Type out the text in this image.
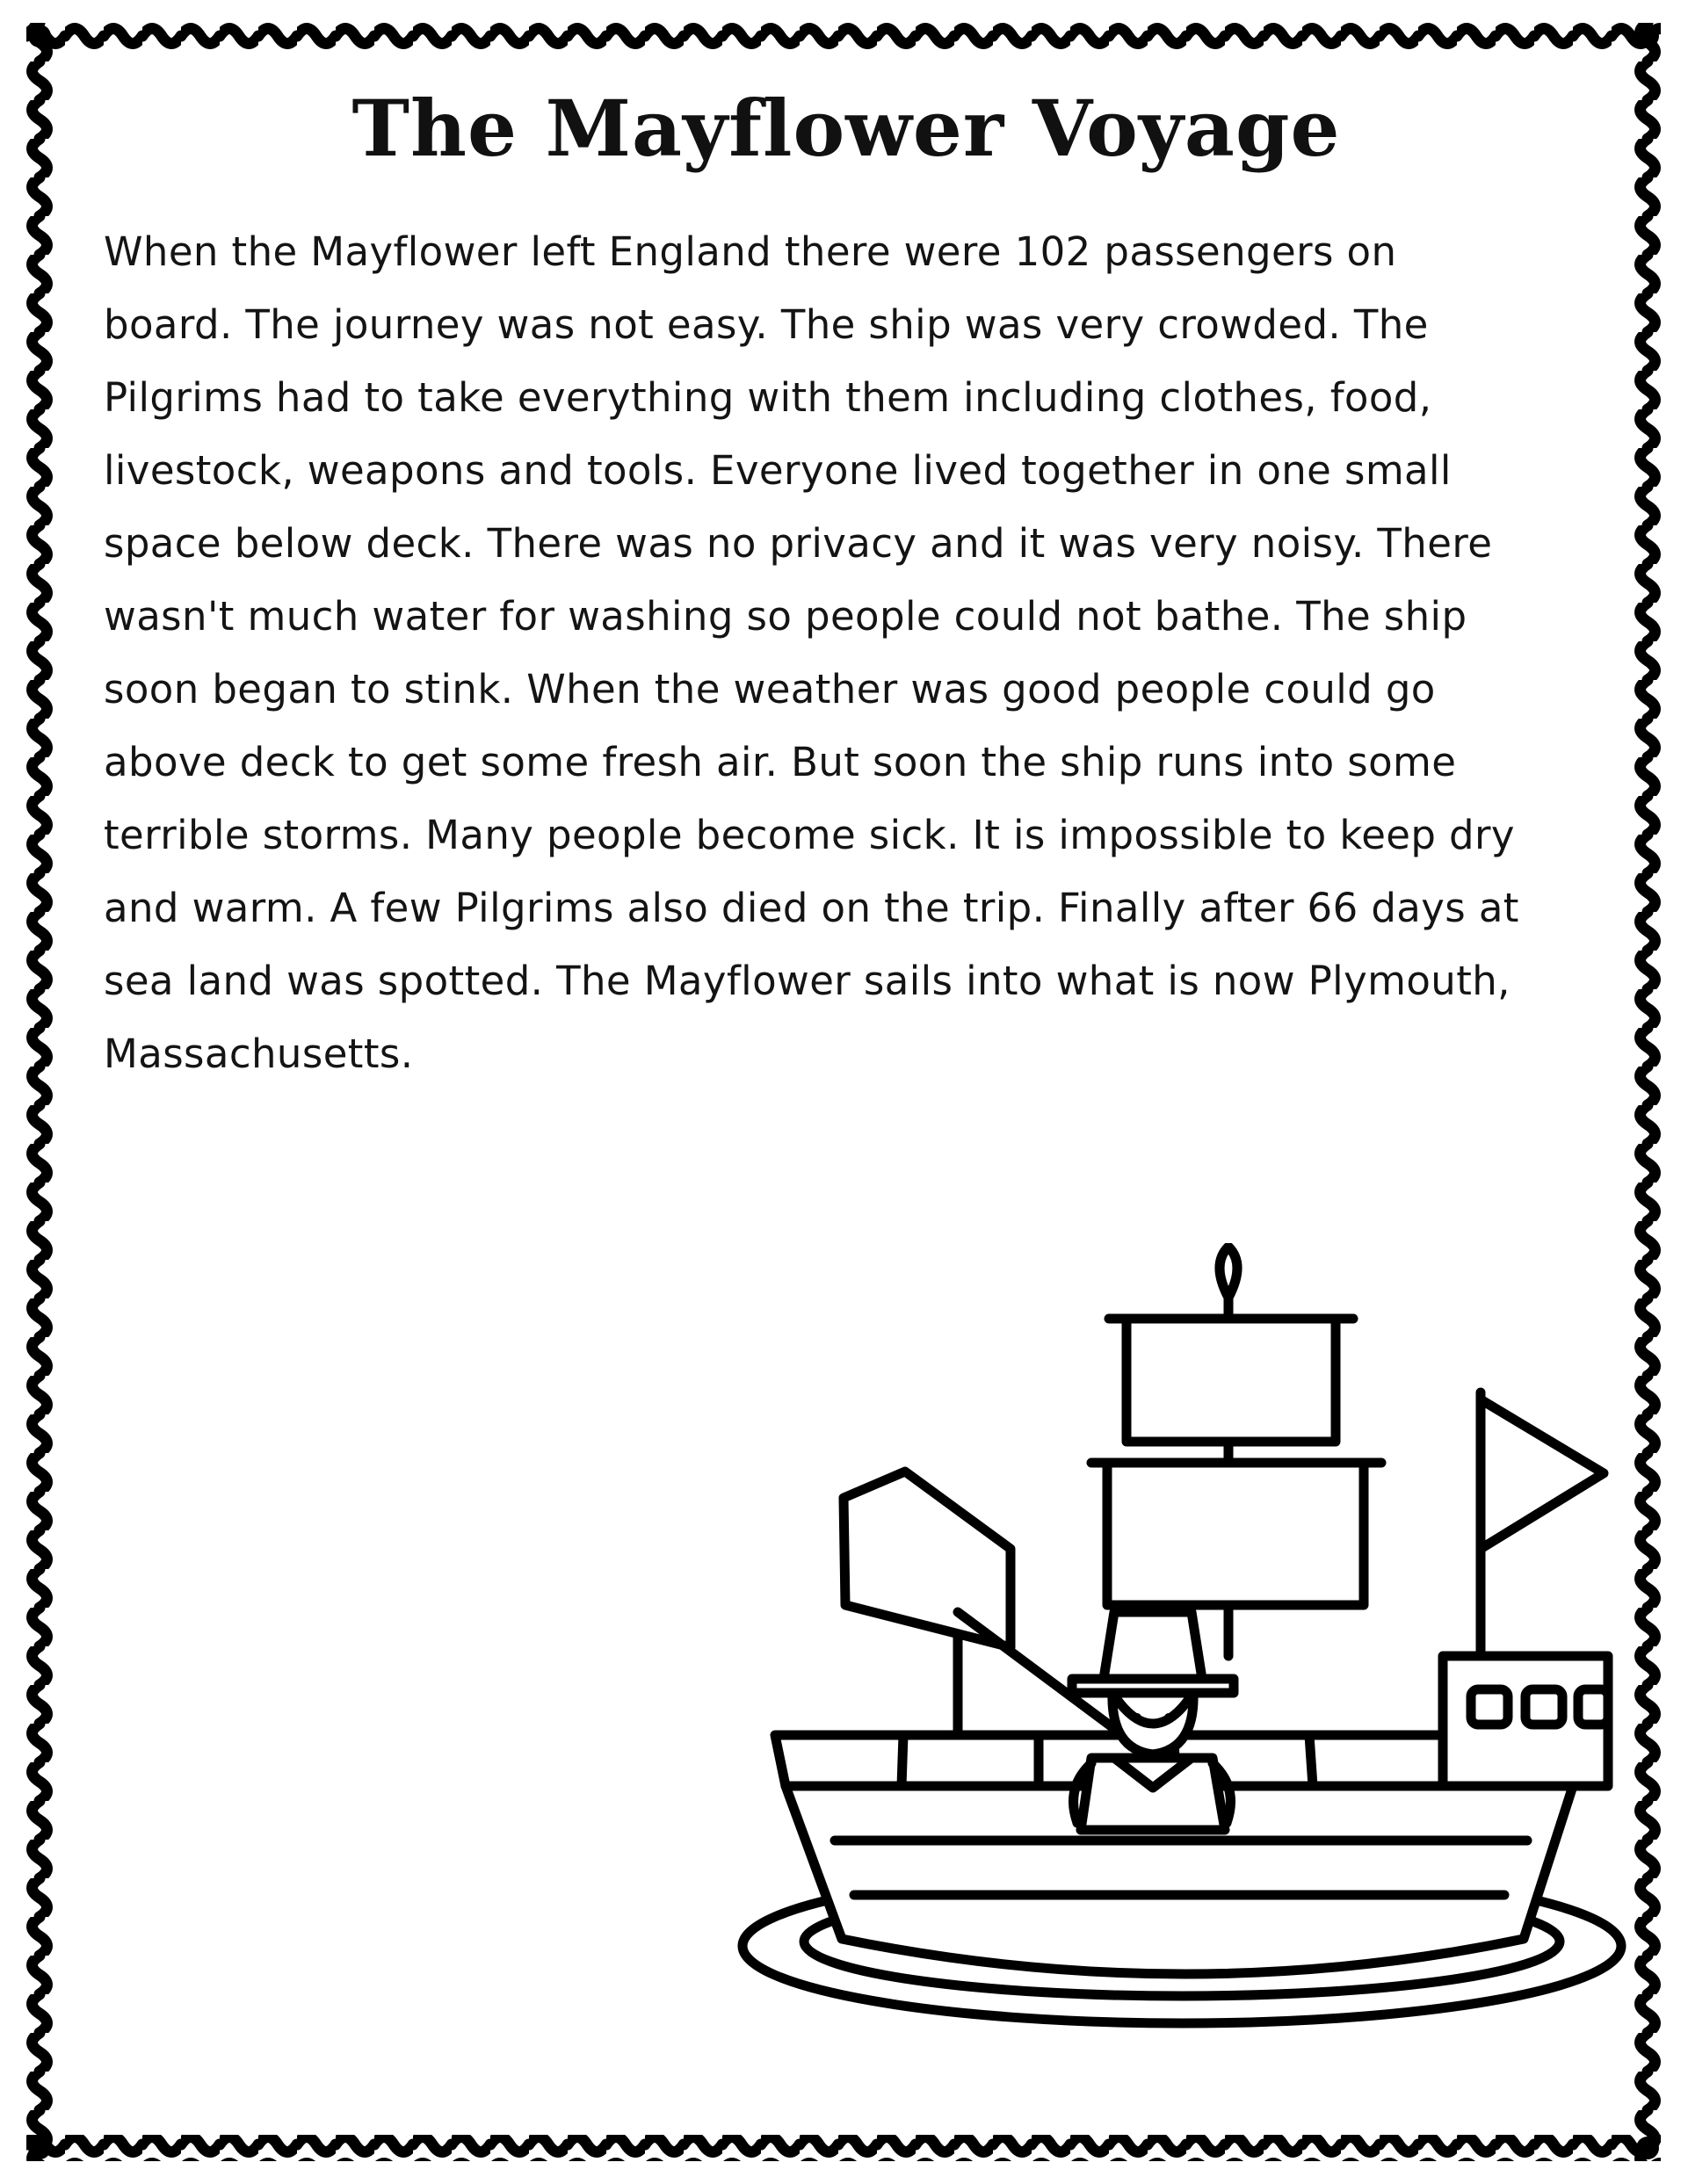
The Mayflower Voyage

When the Mayflower left England there were 102 passengers on board. The journey was not easy. The ship was very crowded. The Pilgrims had to take everything with them including clothes, food, livestock, weapons and tools. Everyone lived together in one small space below deck. There was no privacy and it was very noisy. There wasn't much water for washing so people could not bathe. The ship soon began to stink. When the weather was good people could go above deck to get some fresh air. But soon the ship runs into some terrible storms. Many people become sick. It is impossible to keep dry and warm. A few Pilgrims also died on the trip. Finally after 66 days at sea land was spotted. The Mayflower sails into what is now Plymouth, Massachusetts.
